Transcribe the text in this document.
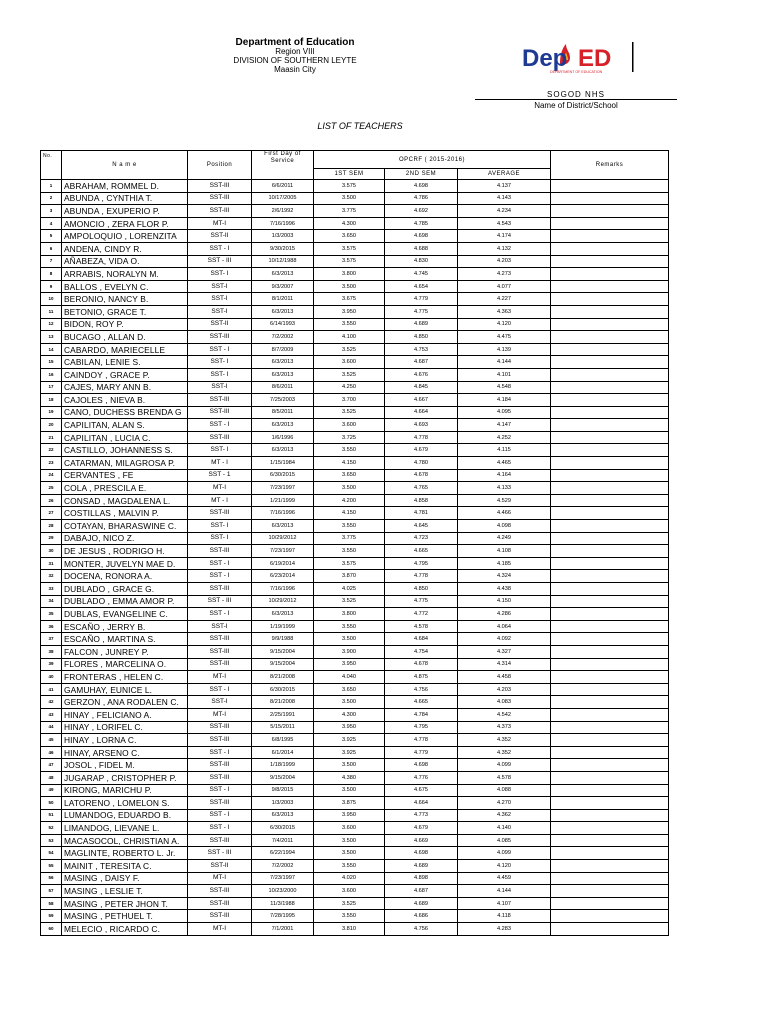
Department of Education
Region VIII
DIVISION OF SOUTHERN LEYTE
Maasin City	Dep ED
DEPARTMENT OF EDUCATION
SOGOD NHS
Name of District/School
LIST OF TEACHERS
No.	N a m e	Position	First Day of Service	OPCRF ( 2015-2016)			Remarks
				1ST SEM	2ND SEM	AVERAGE	
1	ABRAHAM, ROMMEL D.	SST-III	6/6/2011	3.575	4.698	4.137	
2	ABUNDA , CYNTHIA T.	SST-III	10/17/2005	3.500	4.786	4.143	
3	ABUNDA , EXUPERIO P.	SST-III	2/6/1992	3.775	4.692	4.234	
4	AMONCIO , ZERA FLOR P.	MT-I	7/16/1996	4.300	4.785	4.543	
5	AMPOLOQUIO , LORENZITA	SST-II	1/3/2003	3.650	4.698	4.174	
6	ANDENA, CINDY R.	SST - I	9/30/2015	3.575	4.688	4.132	
7	AÑABEZA, VIDA O.	SST - III	10/12/1988	3.575	4.830	4.203	
8	ARRABIS, NORALYN M.	SST- I	6/3/2013	3.800	4.745	4.273	
9	BALLOS , EVELYN C.	SST-I	9/3/2007	3.500	4.654	4.077	
10	BERONIO, NANCY B.	SST-I	8/1/2011	3.675	4.779	4.227	
11	BETONIO, GRACE T.	SST-I	6/3/2013	3.950	4.775	4.363	
12	BIDON, ROY P.	SST-II	6/14/1993	3.550	4.689	4.120	
13	BUCAGO , ALLAN D.	SST-III	7/2/2002	4.100	4.850	4.475	
14	CABARDO, MARIECELLE	SST - I	8/7/2009	3.525	4.753	4.139	
15	CABILAN, LENIE S.	SST- I	6/3/2013	3.600	4.687	4.144	
16	CAINDOY , GRACE P.	SST- I	6/3/2013	3.525	4.676	4.101	
17	CAJES, MARY ANN B.	SST-I	8/6/2011	4.250	4.845	4.548	
18	CAJOLES , NIEVA B.	SST-III	7/25/2003	3.700	4.667	4.184	
19	CANO, DUCHESS BRENDA G	SST-III	8/5/2011	3.525	4.664	4.095	
20	CAPILITAN, ALAN S.	SST - I	6/3/2013	3.600	4.693	4.147	
21	CAPILITAN , LUCIA C.	SST-III	1/6/1996	3.725	4.778	4.252	
22	CASTILLO, JOHANNESS S.	SST- I	6/3/2013	3.550	4.679	4.115	
23	CATARMAN, MILAGROSA P.	MT - I	1/15/1984	4.150	4.780	4.465	
24	CERVANTES , FE	SST - 1	6/30/2015	3.650	4.678	4.164	
25	COLA , PRESCILA E.	MT-I	7/23/1997	3.500	4.765	4.133	
26	CONSAD , MAGDALENA L.	MT - I	1/21/1999	4.200	4.858	4.529	
27	COSTILLAS , MALVIN P.	SST-III	7/16/1996	4.150	4.781	4.466	
28	COTAYAN, BHARASWINE C.	SST- I	6/3/2013	3.550	4.645	4.098	
29	DABAJO, NICO Z.	SST- I	10/29/2012	3.775	4.723	4.249	
30	DE JESUS , RODRIGO H.	SST-III	7/23/1997	3.550	4.665	4.108	
31	MONTER, JUVELYN MAE D.	SST - I	6/19/2014	3.575	4.795	4.185	
32	DOCENA, RONORA A.	SST - I	6/23/2014	3.870	4.778	4.324	
33	DUBLADO , GRACE G.	SST-III	7/16/1996	4.025	4.850	4.438	
34	DUBLADO , EMMA AMOR P.	SST - III	10/29/2012	3.525	4.775	4.150	
35	DUBLAS, EVANGELINE C.	SST - I	6/3/2013	3.800	4.772	4.286	
36	ESCAÑO , JERRY B.	SST-I	1/19/1999	3.550	4.578	4.064	
37	ESCAÑO , MARTINA S.	SST-III	9/9/1988	3.500	4.684	4.092	
38	FALCON , JUNREY P.	SST-III	9/15/2004	3.900	4.754	4.327	
39	FLORES , MARCELINA O.	SST-III	9/15/2004	3.950	4.678	4.314	
40	FRONTERAS , HELEN C.	MT-I	8/21/2008	4.040	4.875	4.458	
41	GAMUHAY, EUNICE L.	SST - I	6/30/2015	3.650	4.756	4.203	
42	GERZON , ANA RODALEN C.	SST-I	8/21/2008	3.500	4.665	4.083	
43	HINAY , FELICIANO A.	MT-I	2/25/1991	4.300	4.784	4.542	
44	HINAY , LORIFEL C.	SST-III	5/15/2011	3.950	4.795	4.373	
45	HINAY , LORNA C.	SST-III	6/8/1995	3.925	4.778	4.352	
46	HINAY, ARSENO C.	SST - I	6/1/2014	3.925	4.779	4.352	
47	JOSOL , FIDEL M.	SST-III	1/18/1999	3.500	4.698	4.099	
48	JUGARAP , CRISTOPHER P.	SST-III	9/15/2004	4.380	4.776	4.578	
49	KIRONG, MARICHU P.	SST - I	9/8/2015	3.500	4.675	4.088	
50	LATORENO , LOMELON S.	SST-III	1/3/2003	3.875	4.664	4.270	
51	LUMANDOG, EDUARDO B.	SST - I	6/3/2013	3.950	4.773	4.362	
52	LIMANDOG, LIEVANE L.	SST - I	6/30/2015	3.600	4.679	4.140	
53	MACASOCOL, CHRISTIAN A.	SST-III	7/4/2011	3.500	4.669	4.085	
54	MAGLINTE, ROBERTO L. Jr.	SST - III	6/22/1994	3.500	4.698	4.099	
55	MAINIT , TERESITA C.	SST-II	7/2/2002	3.550	4.689	4.120	
56	MASING , DAISY F.	MT-I	7/23/1997	4.020	4.898	4.459	
57	MASING , LESLIE T.	SST-III	10/23/2000	3.600	4.687	4.144	
58	MASING , PETER JHON T.	SST-III	11/3/1988	3.525	4.689	4.107	
59	MASING , PETHUEL T.	SST-III	7/28/1995	3.550	4.686	4.118	
60	MELECIO , RICARDO C.	MT-I	7/1/2001	3.810	4.756	4.283	
